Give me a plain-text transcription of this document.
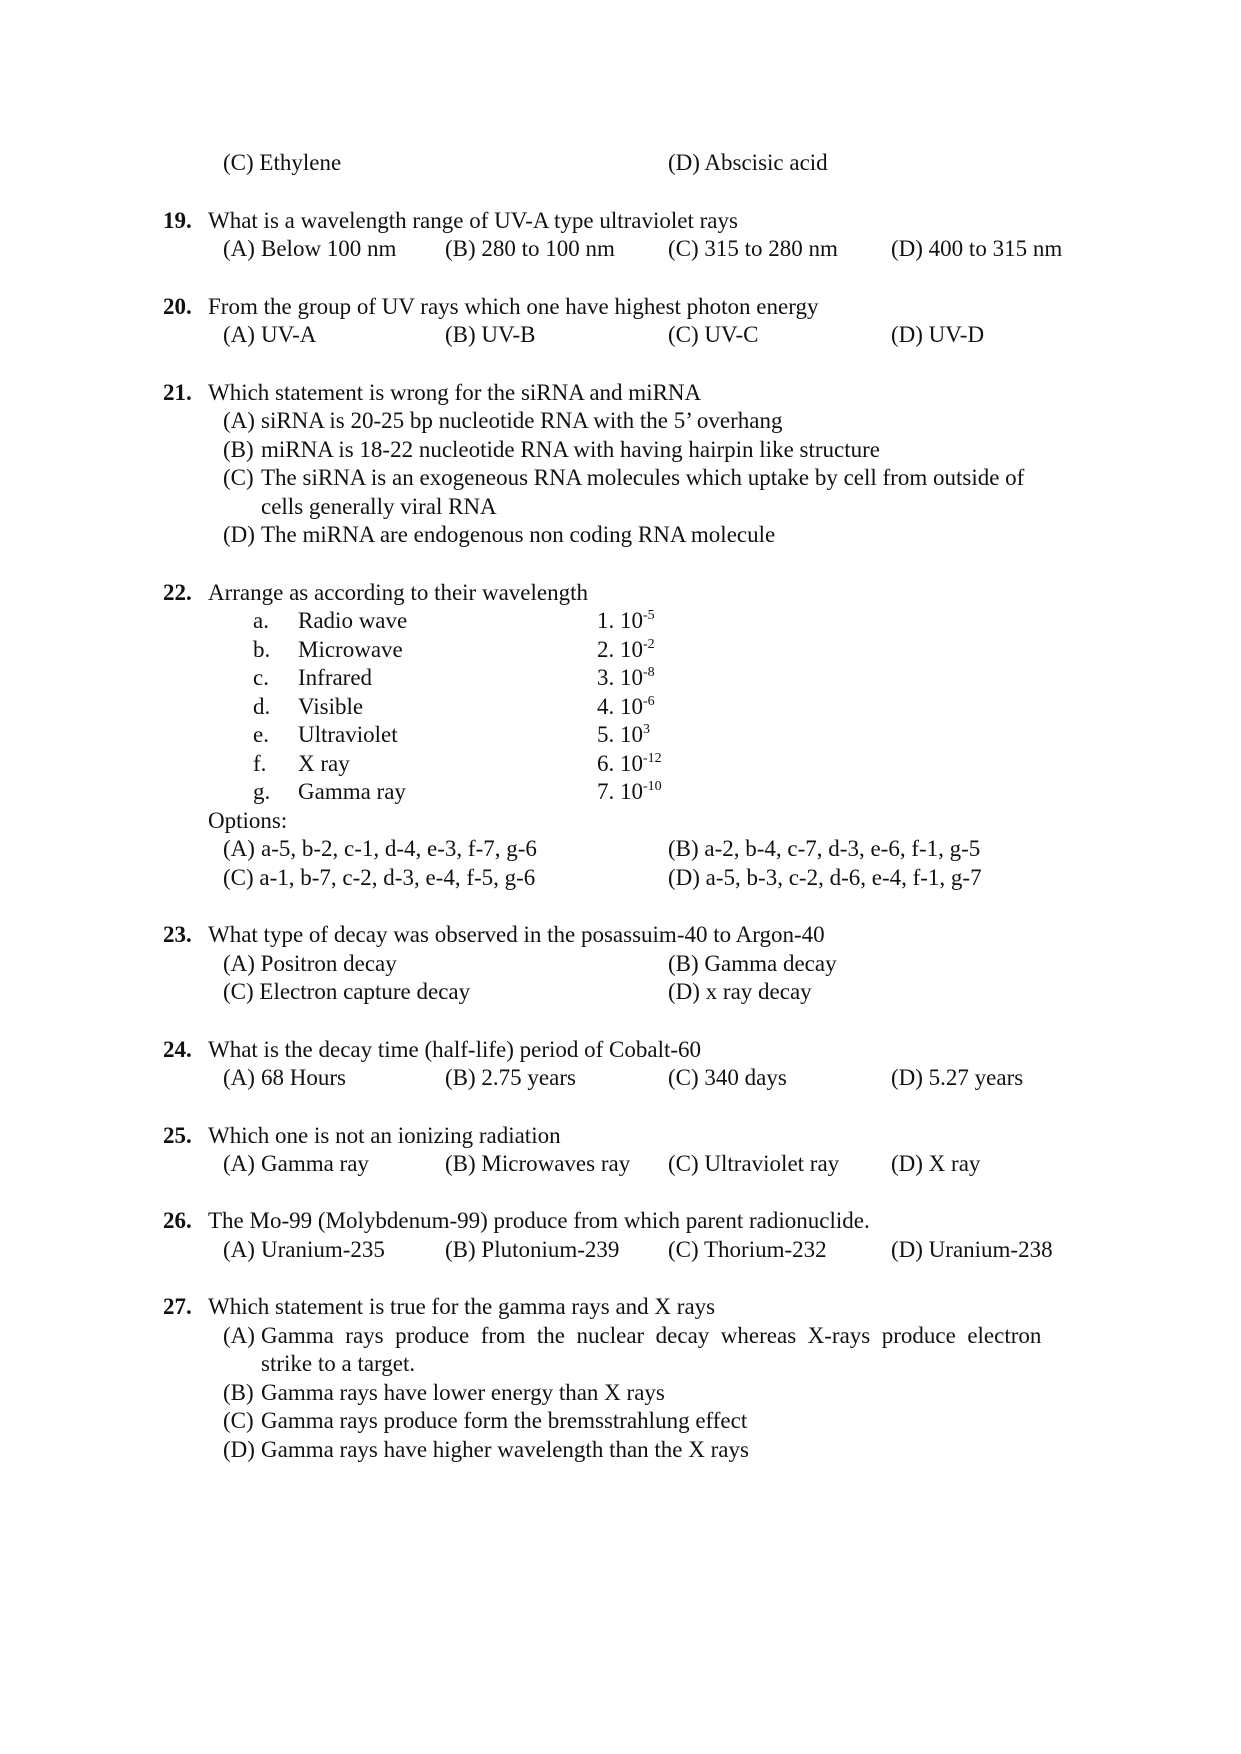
(C) Ethylene	(D) Abscisic acid
19. What is a wavelength range of UV-A type ultraviolet rays
(A) Below 100 nm (B) 280 to 100 nm (C) 315 to 280 nm (D) 400 to 315 nm
20. From the group of UV rays which one have highest photon energy
(A) UV-A	(B) UV-B	(C) UV-C	(D) UV-D
21. Which statement is wrong for the siRNA and miRNA
(A) siRNA is 20-25 bp nucleotide RNA with the 5’ overhang
(B) miRNA is 18-22 nucleotide RNA with having hairpin like structure
(C) The siRNA is an exogeneous RNA molecules which uptake by cell from outside of
cells generally viral RNA
(D) The miRNA are endogenous non coding RNA molecule
22. Arrange as according to their wavelength
a. Radio wave	1. $10^{-5}$
b. Microwave	2. $10^{-2}$
c. Infrared	3. $10^{-8}$
d. Visible	4. $10^{-6}$
e. Ultraviolet	5. $10^3$
f. X ray	6. $10^{-12}$
g. Gamma ray	7. $10^{-10}$
Options:
(A) a-5, b-2, c-1, d-4, e-3, f-7, g-6	(B) a-2, b-4, c-7, d-3, e-6, f-1, g-5
(C) a-1, b-7, c-2, d-3, e-4, f-5, g-6	(D) a-5, b-3, c-2, d-6, e-4, f-1, g-7
23. What type of decay was observed in the posassuim-40 to Argon-40
(A) Positron decay	(B) Gamma decay
(C) Electron capture decay	(D) x ray decay
24. What is the decay time (half-life) period of Cobalt-60
(A) 68 Hours	(B) 2.75 years	(C) 340 days	(D) 5.27 years
25. Which one is not an ionizing radiation
(A) Gamma ray	(B) Microwaves ray (C) Ultraviolet ray (D) X ray
26. The Mo-99 (Molybdenum-99) produce from which parent radionuclide.
(A) Uranium-235	(B) Plutonium-239 (C) Thorium-232	(D) Uranium-238
27. Which statement is true for the gamma rays and X rays
(A) Gamma  rays  produce  from  the  nuclear  decay  whereas  X-rays  produce  electron
strike to a target.
(B) Gamma rays have lower energy than X rays
(C) Gamma rays produce form the bremsstrahlung effect
(D) Gamma rays have higher wavelength than the X rays
